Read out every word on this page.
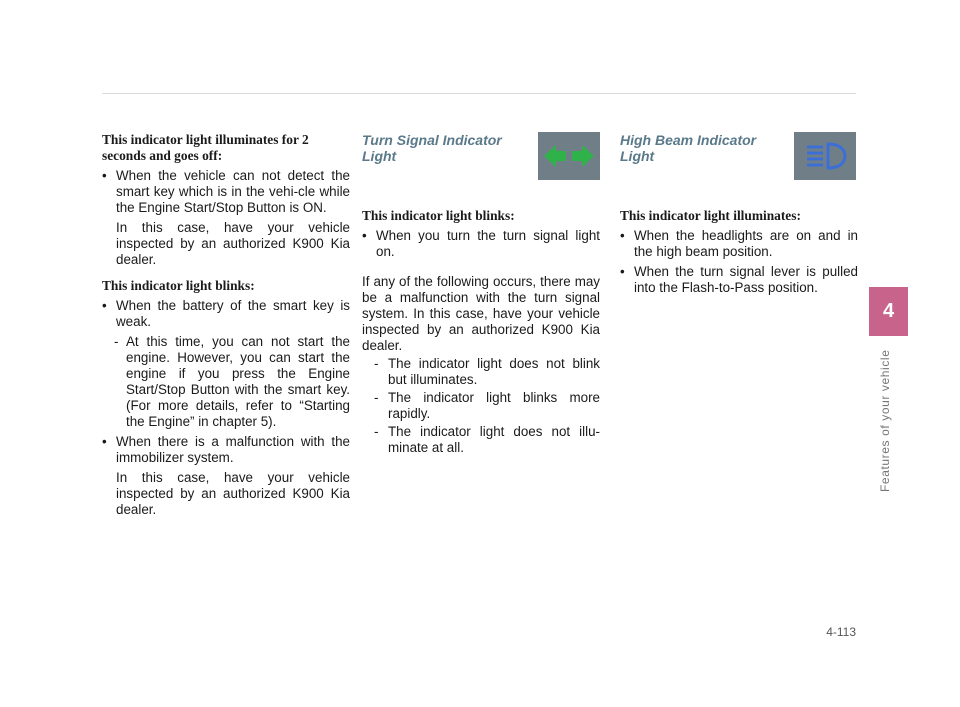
This indicator light illuminates for 2 seconds and goes off:

• When the vehicle can not detect the smart key which is in the vehi-cle while the Engine Start/Stop Button is ON.

In this case, have your vehicle inspected by an authorized K900 Kia dealer.

This indicator light blinks:

• When the battery of the smart key is weak.
- At this time, you can not start the engine. However, you can start the engine if you press the Engine Start/Stop Button with the smart key. (For more details, refer to “Starting the Engine” in chapter 5).
• When there is a malfunction with the immobilizer system.

In this case, have your vehicle inspected by an authorized K900 Kia dealer.

Turn Signal Indicator Light

This indicator light blinks:

• When you turn the turn signal light on.

If any of the following occurs, there may be a malfunction with the turn signal system. In this case, have your vehicle inspected by an authorized K900 Kia dealer.

- The indicator light does not blink but illuminates.
- The indicator light blinks more rapidly.
- The indicator light does not illu-minate at all.
High Beam Indicator Light

This indicator light illuminates:

• When the headlights are on and in the high beam position.
• When the turn signal lever is pulled into the Flash-to-Pass position.
4
Features of your vehicle
4-113
